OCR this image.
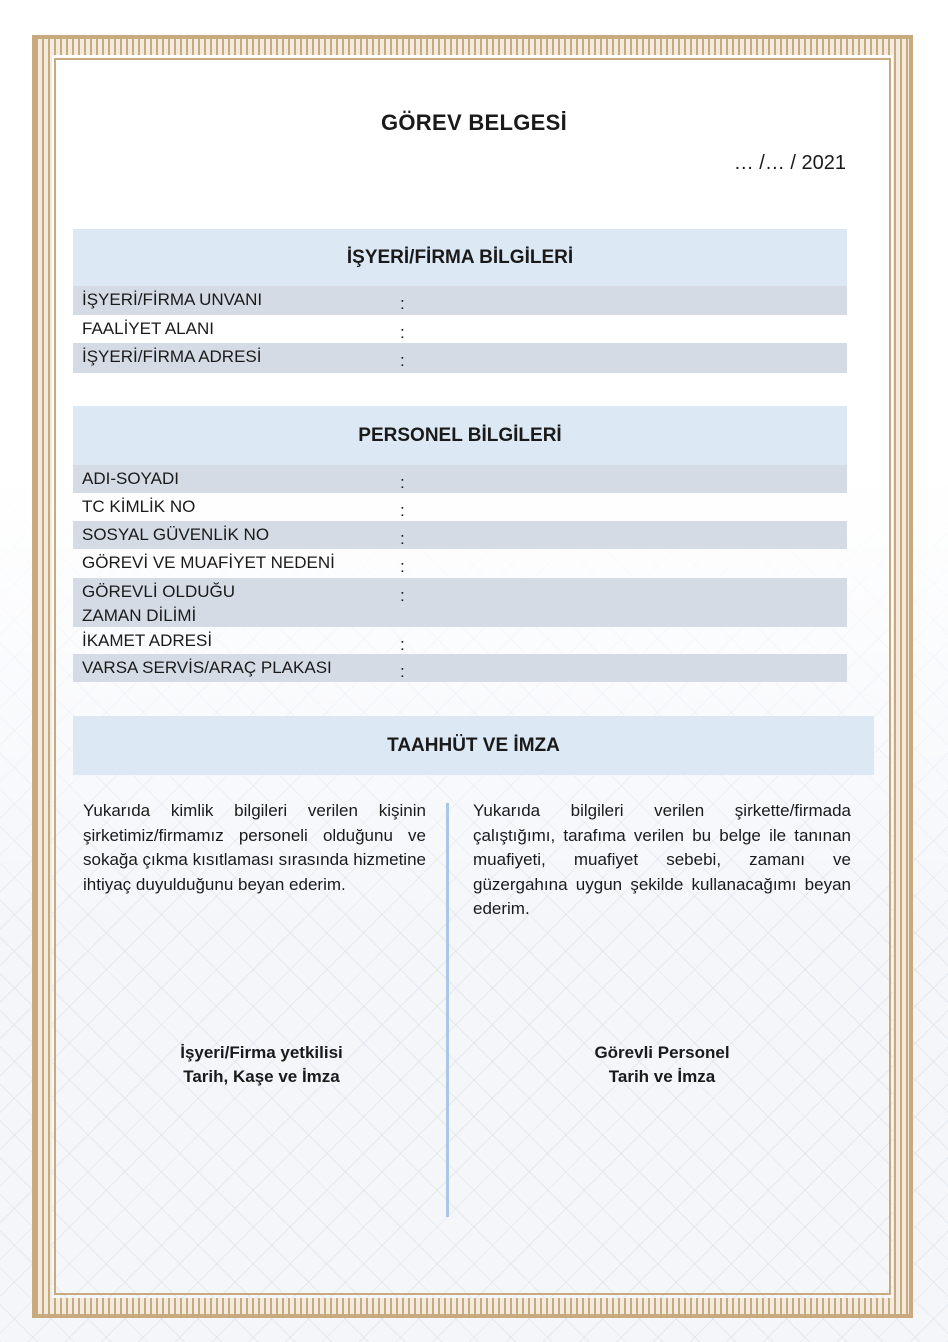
GÖREV BELGESİ
… /… / 2021
İŞYERİ/FİRMA BİLGİLERİ
İŞYERİ/FİRMA UNVANI	:
FAALİYET ALANI	:
İŞYERİ/FİRMA ADRESİ	:
PERSONEL BİLGİLERİ
ADI-SOYADI	:
TC KİMLİK NO	:
SOSYAL GÜVENLİK NO	:
GÖREVİ VE MUAFİYET NEDENİ	:
GÖREVLİ OLDUĞU
ZAMAN DİLİMİ
:
İKAMET ADRESİ	:
VARSA SERVİS/ARAÇ PLAKASI	:
TAAHHÜT VE İMZA
Yukarıda kimlik bilgileri verilen kişinin şirketimiz/firmamız personeli olduğunu ve sokağa çıkma kısıtlaması sırasında hizmetine ihtiyaç duyulduğunu beyan ederim.
Yukarıda bilgileri verilen şirkette/firmada çalıştığımı, tarafıma verilen bu belge ile tanınan muafiyeti, muafiyet sebebi, zamanı ve güzergahına uygun şekilde kullanacağımı beyan ederim.
İşyeri/Firma yetkilisi
Tarih, Kaşe ve İmza
Görevli Personel
Tarih ve İmza
